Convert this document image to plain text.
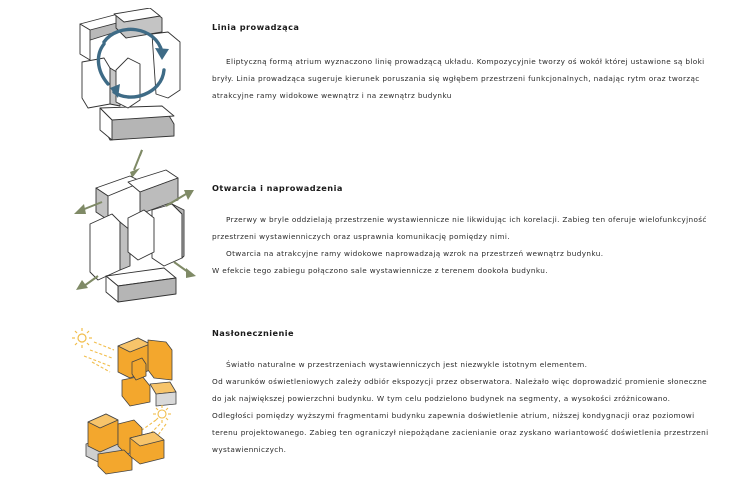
Linia prowadząca

Eliptyczną formą atrium wyznaczono linię prowadzącą układu. Kompozycyjnie tworzy oś wokół której ustawione są bloki bryły. Linia prowadząca sugeruje kierunek poruszania się wgłębem przestrzeni funkcjonalnych, nadając rytm oraz tworząc atrakcyjne ramy widokowe wewnątrz i na zewnątrz budynku

Otwarcia i naprowadzenia

Przerwy w bryle oddzielają przestrzenie wystawiennicze nie likwidując ich korelacji. Zabieg ten oferuje wielofunkcyjność przestrzeni wystawienniczych oraz usprawnia komunikację pomiędzy nimi.

Otwarcia na atrakcyjne ramy widokowe naprowadzają wzrok na przestrzeń wewnątrz budynku.

W efekcie tego zabiegu połączono sale wystawiennicze z terenem dookoła budynku.

Nasłonecznienie

Światło naturalne w przestrzeniach wystawienniczych jest niezwykle istotnym elementem.

Od warunków oświetleniowych zależy odbiór ekspozycji przez obserwatora. Należało więc doprowadzić promienie słoneczne do jak największej powierzchni budynku. W tym celu podzielono budynek na segmenty, a wysokości zróżnicowano. Odległości pomiędzy wyższymi fragmentami budynku zapewnia doświetlenie atrium, niższej kondygnacji oraz poziomowi terenu projektowanego. Zabieg ten ograniczył niepożądane zacienianie oraz zyskano wariantowość doświetlenia przestrzeni wystawienniczych.
